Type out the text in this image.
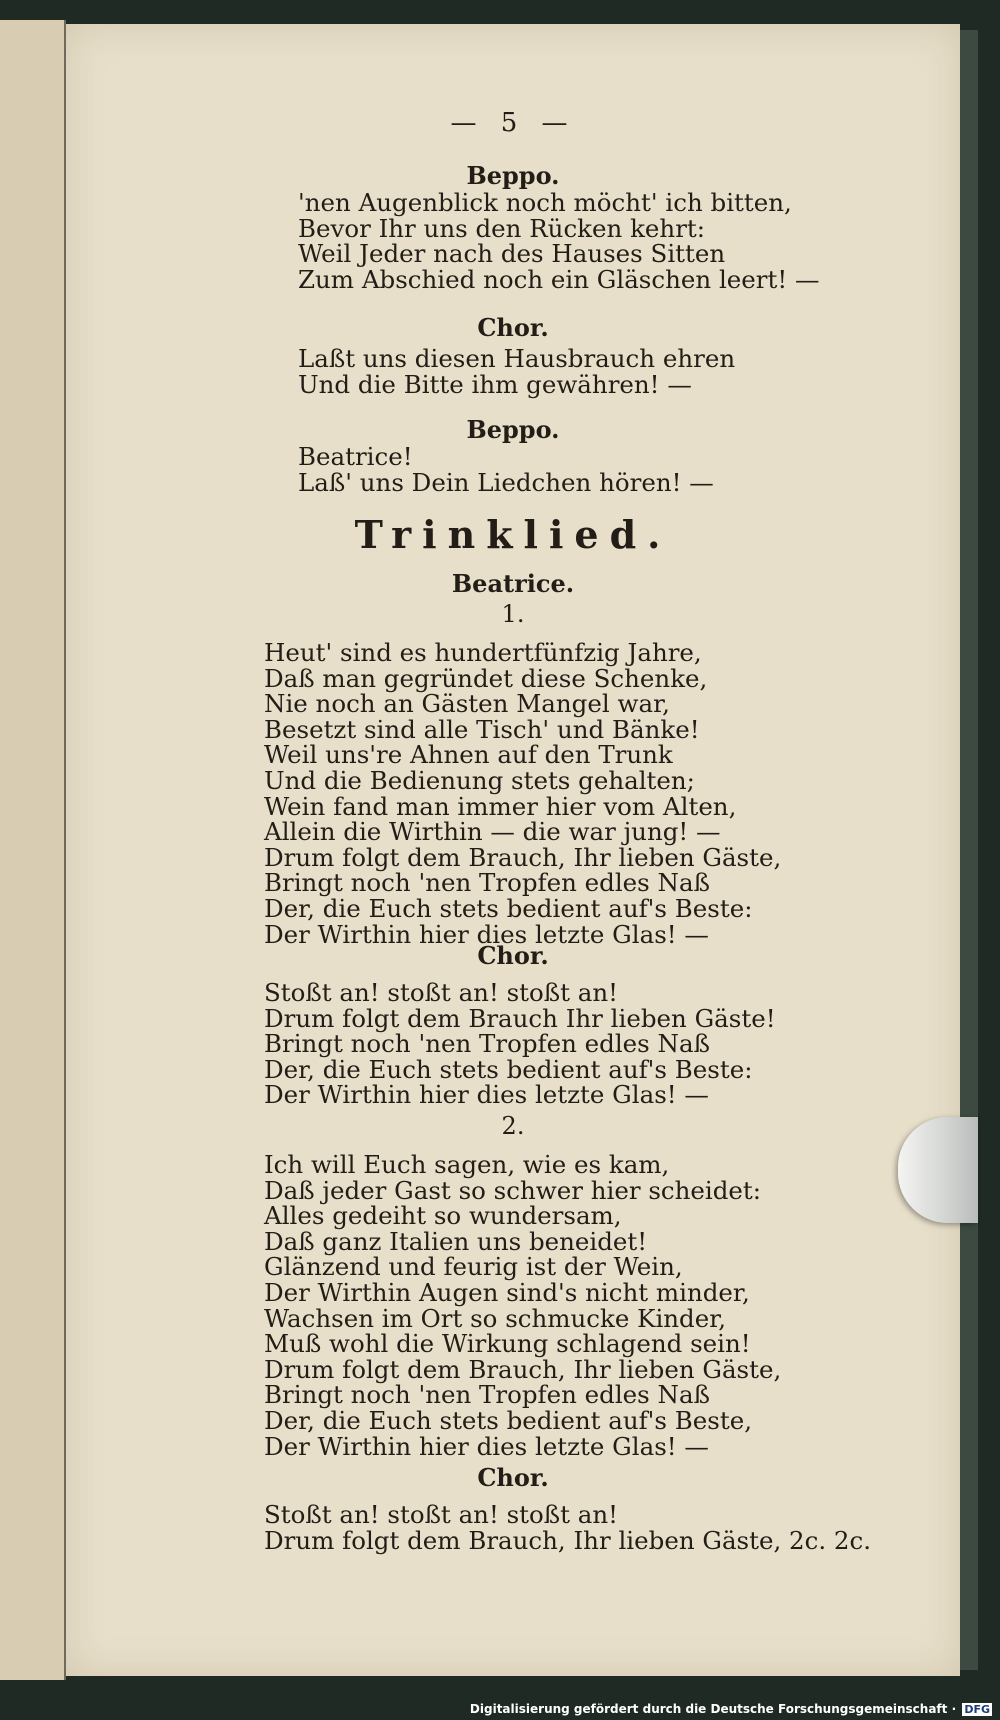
— 5 —
Beppo.
'nen Augenblick noch möcht' ich bitten,
Bevor Ihr uns den Rücken kehrt:
Weil Jeder nach des Hauses Sitten
Zum Abschied noch ein Gläschen leert! —
Chor.
Laßt uns diesen Hausbrauch ehren
Und die Bitte ihm gewähren! —
Beppo.
Beatrice!
Laß' uns Dein Liedchen hören! —
Trinklied.
Beatrice.
1.
Heut' sind es hundertfünfzig Jahre,
Daß man gegründet diese Schenke,
Nie noch an Gästen Mangel war,
Besetzt sind alle Tisch' und Bänke!
Weil uns're Ahnen auf den Trunk
Und die Bedienung stets gehalten;
Wein fand man immer hier vom Alten,
Allein die Wirthin — die war jung! —
Drum folgt dem Brauch, Ihr lieben Gäste,
Bringt noch 'nen Tropfen edles Naß
Der, die Euch stets bedient auf's Beste:
Der Wirthin hier dies letzte Glas! —
Chor.
Stoßt an! stoßt an! stoßt an!
Drum folgt dem Brauch Ihr lieben Gäste!
Bringt noch 'nen Tropfen edles Naß
Der, die Euch stets bedient auf's Beste:
Der Wirthin hier dies letzte Glas! —
2.
Ich will Euch sagen, wie es kam,
Daß jeder Gast so schwer hier scheidet:
Alles gedeiht so wundersam,
Daß ganz Italien uns beneidet!
Glänzend und feurig ist der Wein,
Der Wirthin Augen sind's nicht minder,
Wachsen im Ort so schmucke Kinder,
Muß wohl die Wirkung schlagend sein!
Drum folgt dem Brauch, Ihr lieben Gäste,
Bringt noch 'nen Tropfen edles Naß
Der, die Euch stets bedient auf's Beste,
Der Wirthin hier dies letzte Glas! —
Chor.
Stoßt an! stoßt an! stoßt an!
Drum folgt dem Brauch, Ihr lieben Gäste, 2c. 2c.
Digitalisierung gefördert durch die Deutsche Forschungsgemeinschaft · DFG
